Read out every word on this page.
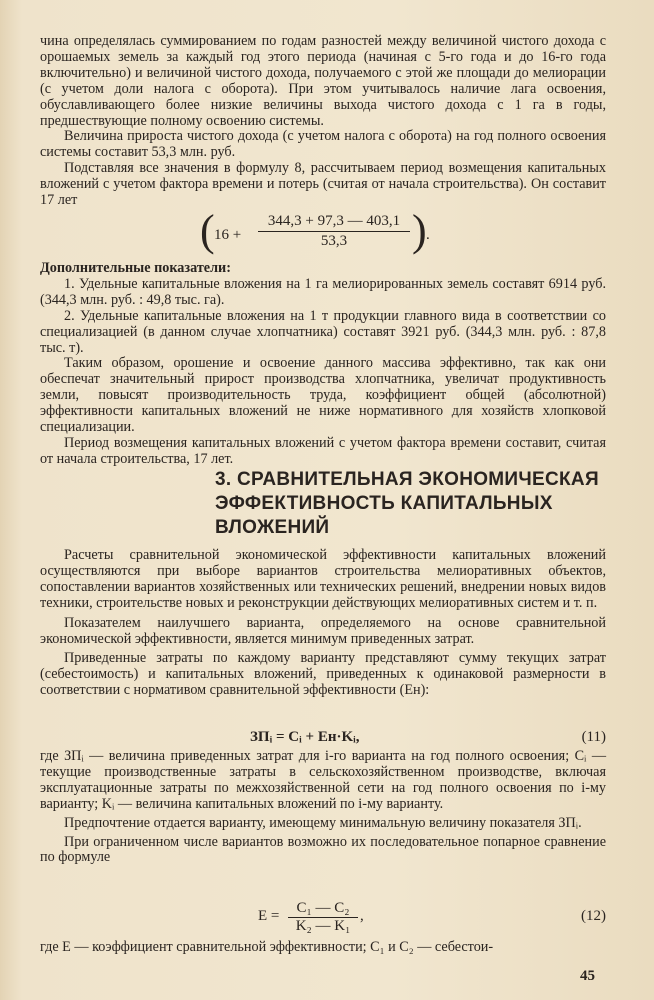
чина определялась суммированием по годам разностей между величиной чистого дохода с орошаемых земель за каждый год этого периода (начиная с 5-го года и до 16-го года включительно) и величиной чистого дохода, получаемого с этой же площади до мелиорации (с учетом доли налога с оборота). При этом учитывалось наличие лага освоения, обуславливающего более низкие величины выхода чистого дохода с 1 га в годы, предшествующие полному освоению системы.

Величина прироста чистого дохода (с учетом налога с оборота) на год полного освоения системы составит 53,3 млн. руб.

Подставляя все значения в формулу 8, рассчитываем период возмещения капитальных вложений с учетом фактора времени и потерь (считая от начала строительства). Он составит 17 лет

( $16 + \frac{344,3 + 97,3 — 403,1}{53,3}$ ) .

Дополнительные показатели:

1. Удельные капитальные вложения на 1 га мелиорированных земель составят 6914 руб. (344,3 млн. руб. : 49,8 тыс. га).

2. Удельные капитальные вложения на 1 т продукции главного вида в соответствии со специализацией (в данном случае хлопчатника) составят 3921 руб. (344,3 млн. руб. : 87,8 тыс. т).

Таким образом, орошение и освоение данного массива эффективно, так как они обеспечат значительный прирост производства хлопчатника, увеличат продуктивность земли, повысят производительность труда, коэффициент общей (абсолютной) эффективности капитальных вложений не ниже нормативного для хозяйств хлопковой специализации.

Период возмещения капитальных вложений с учетом фактора времени составит, считая от начала строительства, 17 лет.

3. СРАВНИТЕЛЬНАЯ ЭКОНОМИЧЕСКАЯ
ЭФФЕКТИВНОСТЬ КАПИТАЛЬНЫХ
ВЛОЖЕНИЙ

Расчеты сравнительной экономической эффективности капитальных вложений осуществляются при выборе вариантов строительства мелиоративных объектов, сопоставлении вариантов хозяйственных или технических решений, внедрении новых видов техники, строительстве новых и реконструкции действующих мелиоративных систем и т. п.

Показателем наилучшего варианта, определяемого на основе сравнительной экономической эффективности, является минимум приведенных затрат.

Приведенные затраты по каждому варианту представляют сумму текущих затрат (себестоимость) и капитальных вложений, приведенных к одинаковой размерности в соответствии с нормативом сравнительной эффективности (Eн):

ЗПᵢ = Cᵢ + Eн·Kᵢ,	(11)

где ЗПᵢ — величина приведенных затрат для i-го варианта на год полного освоения; Cᵢ — текущие производственные затраты в сельскохозяйственном производстве, включая эксплуатационные затраты по межхозяйственной сети на год полного освоения по i-му варианту; Kᵢ — величина капитальных вложений по i-му варианту.

Предпочтение отдается варианту, имеющему минимальную величину показателя ЗПᵢ.

При ограниченном числе вариантов возможно их последовательное попарное сравнение по формуле

$E = \frac{\text{C₁ — C₂}}{\text{K₂ — K₁}}$ ,	(12)

где E — коэффициент сравнительной эффективности; C₁ и C₂ — себестои-

45
